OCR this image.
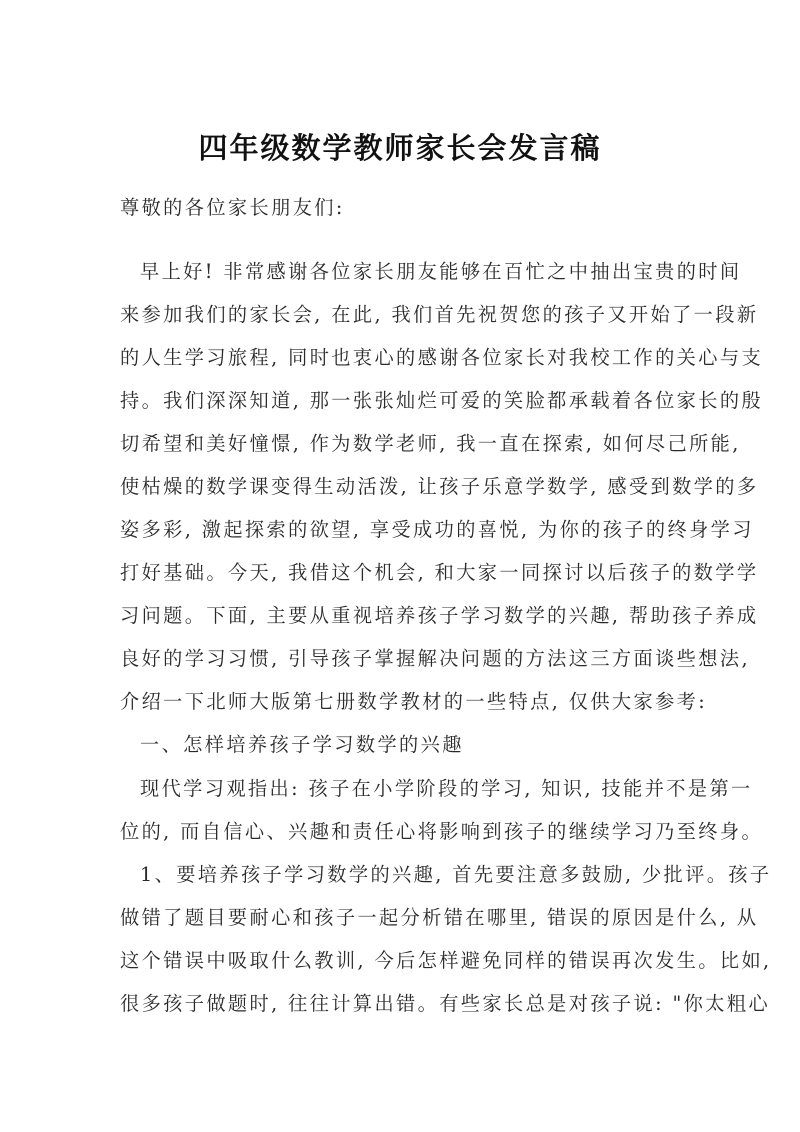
四年级数学教师家长会发言稿
尊敬的各位家长朋友们:
早上好! 非常感谢各位家长朋友能够在百忙之中抽出宝贵的时间
来参加我们的家长会, 在此, 我们首先祝贺您的孩子又开始了一段新
的人生学习旅程, 同时也衷心的感谢各位家长对我校工作的关心与支
持。我们深深知道, 那一张张灿烂可爱的笑脸都承载着各位家长的殷
切希望和美好憧憬, 作为数学老师, 我一直在探索, 如何尽己所能,
使枯燥的数学课变得生动活泼, 让孩子乐意学数学, 感受到数学的多
姿多彩, 激起探索的欲望, 享受成功的喜悦, 为你的孩子的终身学习
打好基础。今天, 我借这个机会, 和大家一同探讨以后孩子的数学学
习问题。下面, 主要从重视培养孩子学习数学的兴趣, 帮助孩子养成
良好的学习习惯, 引导孩子掌握解决问题的方法这三方面谈些想法,
介绍一下北师大版第七册数学教材的一些特点, 仅供大家参考:
一、怎样培养孩子学习数学的兴趣
现代学习观指出: 孩子在小学阶段的学习, 知识, 技能并不是第一
位的, 而自信心、兴趣和责任心将影响到孩子的继续学习乃至终身。
1、要培养孩子学习数学的兴趣, 首先要注意多鼓励, 少批评。孩子
做错了题目要耐心和孩子一起分析错在哪里, 错误的原因是什么, 从
这个错误中吸取什么教训, 今后怎样避免同样的错误再次发生。比如,
很多孩子做题时, 往往计算出错。有些家长总是对孩子说: "你太粗心
